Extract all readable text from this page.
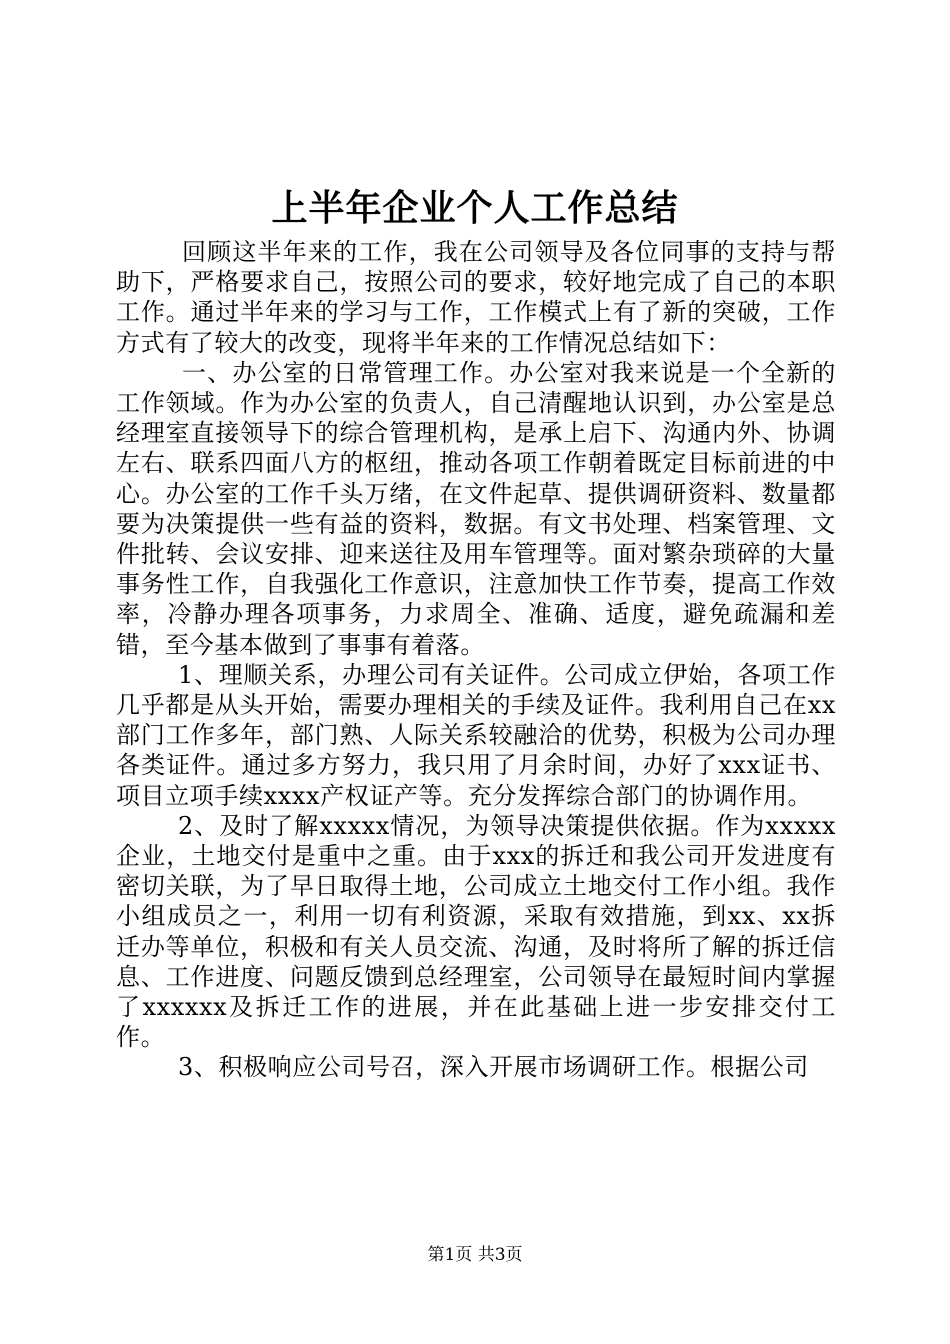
上半年企业个人工作总结

回顾这半年来的工作，我在公司领导及各位同事的支持与帮助下，严格要求自己，按照公司的要求，较好地完成了自己的本职工作。通过半年来的学习与工作，工作模式上有了新的突破，工作方式有了较大的改变，现将半年来的工作情况总结如下：

一、办公室的日常管理工作。办公室对我来说是一个全新的工作领域。作为办公室的负责人，自己清醒地认识到，办公室是总经理室直接领导下的综合管理机构，是承上启下、沟通内外、协调左右、联系四面八方的枢纽，推动各项工作朝着既定目标前进的中心。办公室的工作千头万绪，在文件起草、提供调研资料、数量都要为决策提供一些有益的资料，数据。有文书处理、档案管理、文件批转、会议安排、迎来送往及用车管理等。面对繁杂琐碎的大量事务性工作，自我强化工作意识，注意加快工作节奏，提高工作效率，冷静办理各项事务，力求周全、准确、适度，避免疏漏和差错，至今基本做到了事事有着落。

1、理顺关系，办理公司有关证件。公司成立伊始，各项工作几乎都是从头开始，需要办理相关的手续及证件。我利用自己在xx部门工作多年，部门熟、人际关系较融洽的优势，积极为公司办理各类证件。通过多方努力，我只用了月余时间，办好了xxx证书、项目立项手续xxxx产权证产等。充分发挥综合部门的协调作用。

2、及时了解xxxxx情况，为领导决策提供依据。作为xxxxx企业，土地交付是重中之重。由于xxx的拆迁和我公司开发进度有密切关联，为了早日取得土地，公司成立土地交付工作小组。我作小组成员之一，利用一切有利资源，采取有效措施，到xx、xx拆迁办等单位，积极和有关人员交流、沟通，及时将所了解的拆迁信息、工作进度、问题反馈到总经理室，公司领导在最短时间内掌握了xxxxxx及拆迁工作的进展，并在此基础上进一步安排交付工作。

3、积极响应公司号召，深入开展市场调研工作。根据公司

第1页 共3页
